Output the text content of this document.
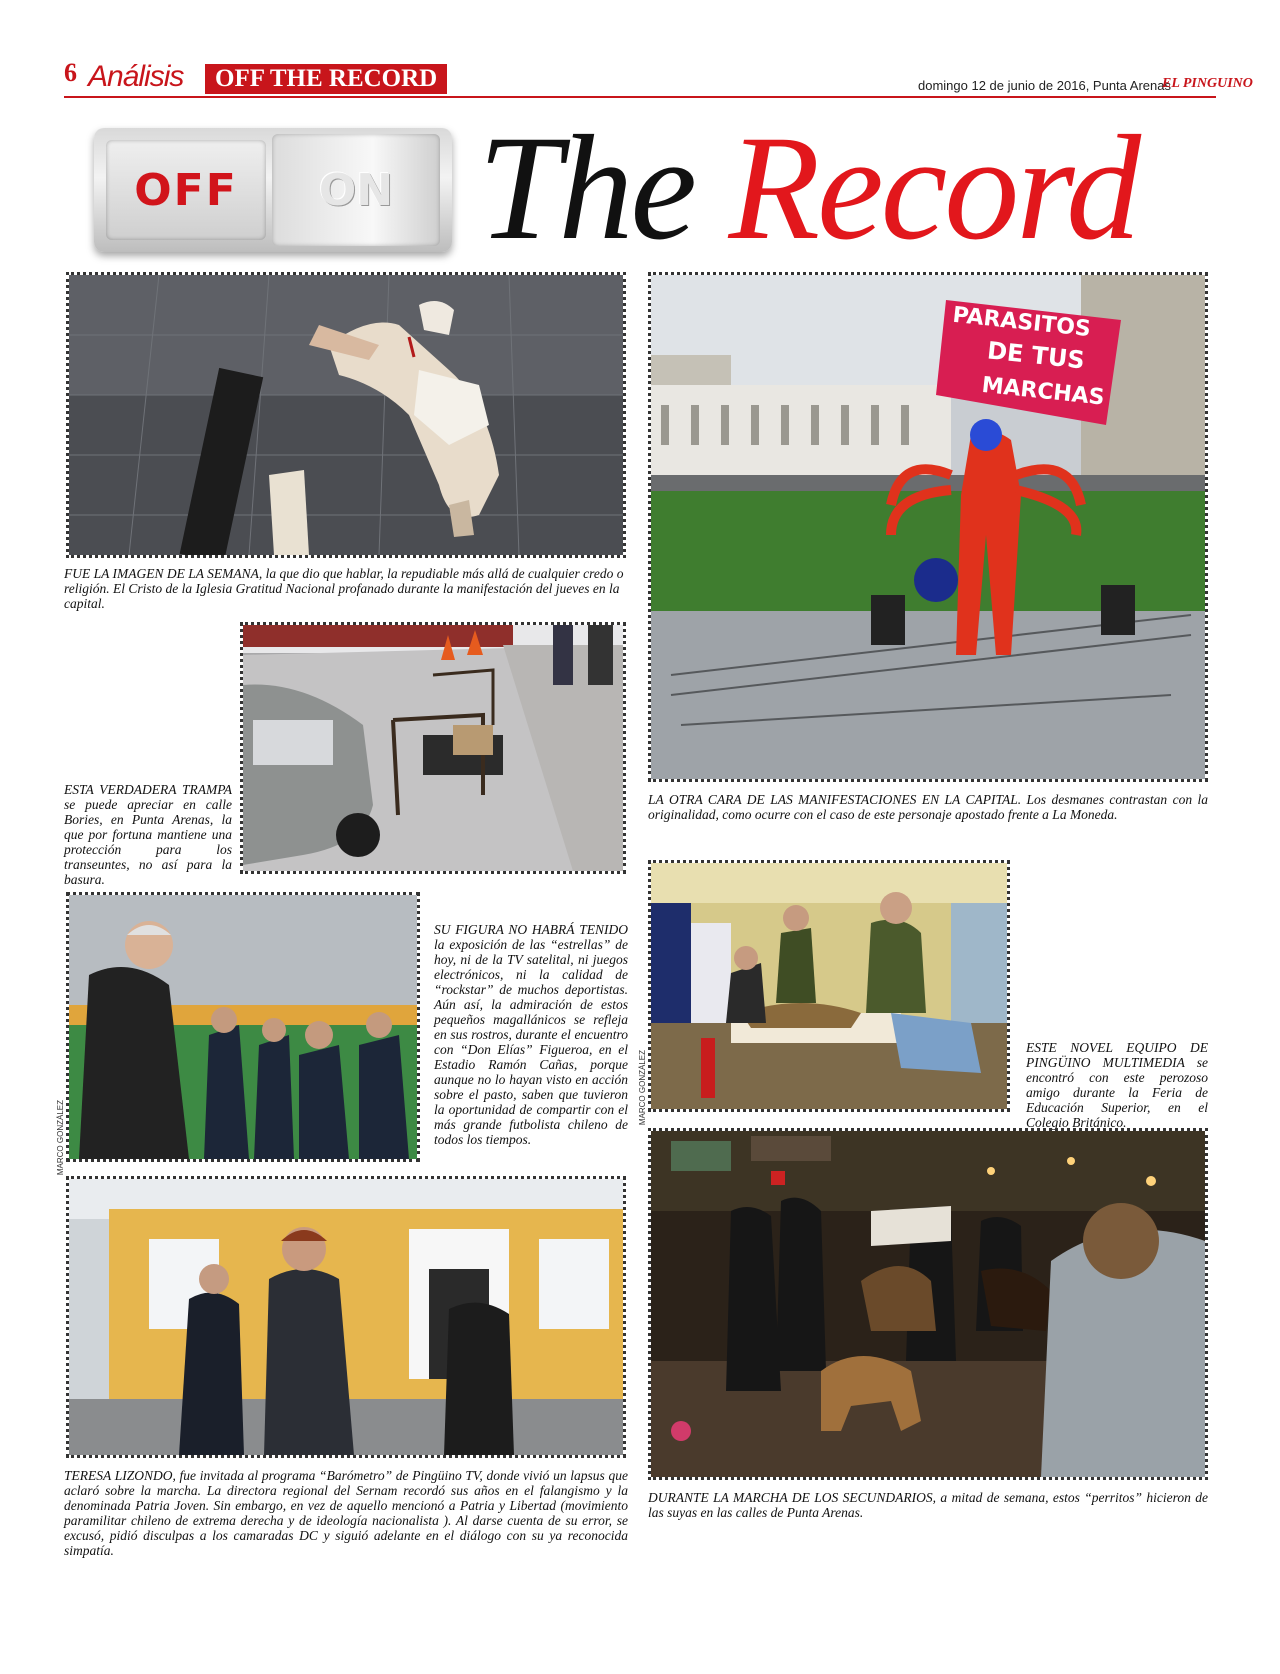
6 Análisis	OFF THE RECORD	domingo 12 de junio de 2016, Punta Arenas
EL PINGUINO
OFF	ON The Record
FUE LA IMAGEN DE LA SEMANA, la que dio que hablar, la repudiable más allá de cualquier credo o religión. El Cristo de la Iglesia Gratitud Nacional profanado durante la manifestación del jueves en la capital.
PARASITOS
DE TUS
MARCHAS
LA OTRA CARA DE LAS MANIFESTACIONES EN LA CAPITAL. Los desmanes contrastan con la originalidad, como ocurre con el caso de este personaje apostado frente a La Moneda.
ESTA VERDADERA TRAMPA se puede apreciar en calle Bories, en Punta Arenas, la que por fortuna mantiene una protección para los transeuntes, no así para la basura.
MARCO GONZÁLEZ
SU FIGURA NO HABRÁ TENIDO la exposición de las “estrellas” de hoy, ni de la TV satelital, ni juegos electrónicos, ni la calidad de “rockstar” de muchos deportistas. Aún así, la admiración de estos pequeños magallánicos se refleja en sus rostros, durante el encuentro con “Don Elías” Figueroa, en el Estadio Ramón Cañas, porque aunque no lo hayan visto en acción sobre el pasto, saben que tuvieron la oportunidad de compartir con el más grande futbolista chileno de todos los tiempos.
MARCO GONZÁLEZ
ESTE NOVEL EQUIPO DE PINGÜINO MULTIMEDIA se encontró con este perozoso amigo durante la Feria de Educación Superior, en el Colegio Británico.
TERESA LIZONDO, fue invitada al programa “Barómetro” de Pingüino TV, donde vivió un lapsus que aclaró sobre la marcha. La directora regional del Sernam recordó sus años en el falangismo y la denominada Patria Joven. Sin embargo, en vez de aquello mencionó a Patria y Libertad (movimiento paramilitar chileno de extrema derecha y de ideología nacionalista ). Al darse cuenta de su error, se excusó, pidió disculpas a los camaradas DC y siguió adelante en el diálogo con su ya reconocida simpatía.
DURANTE LA MARCHA DE LOS SECUNDARIOS, a mitad de semana, estos “perritos” hicieron de las suyas en las calles de Punta Arenas.
